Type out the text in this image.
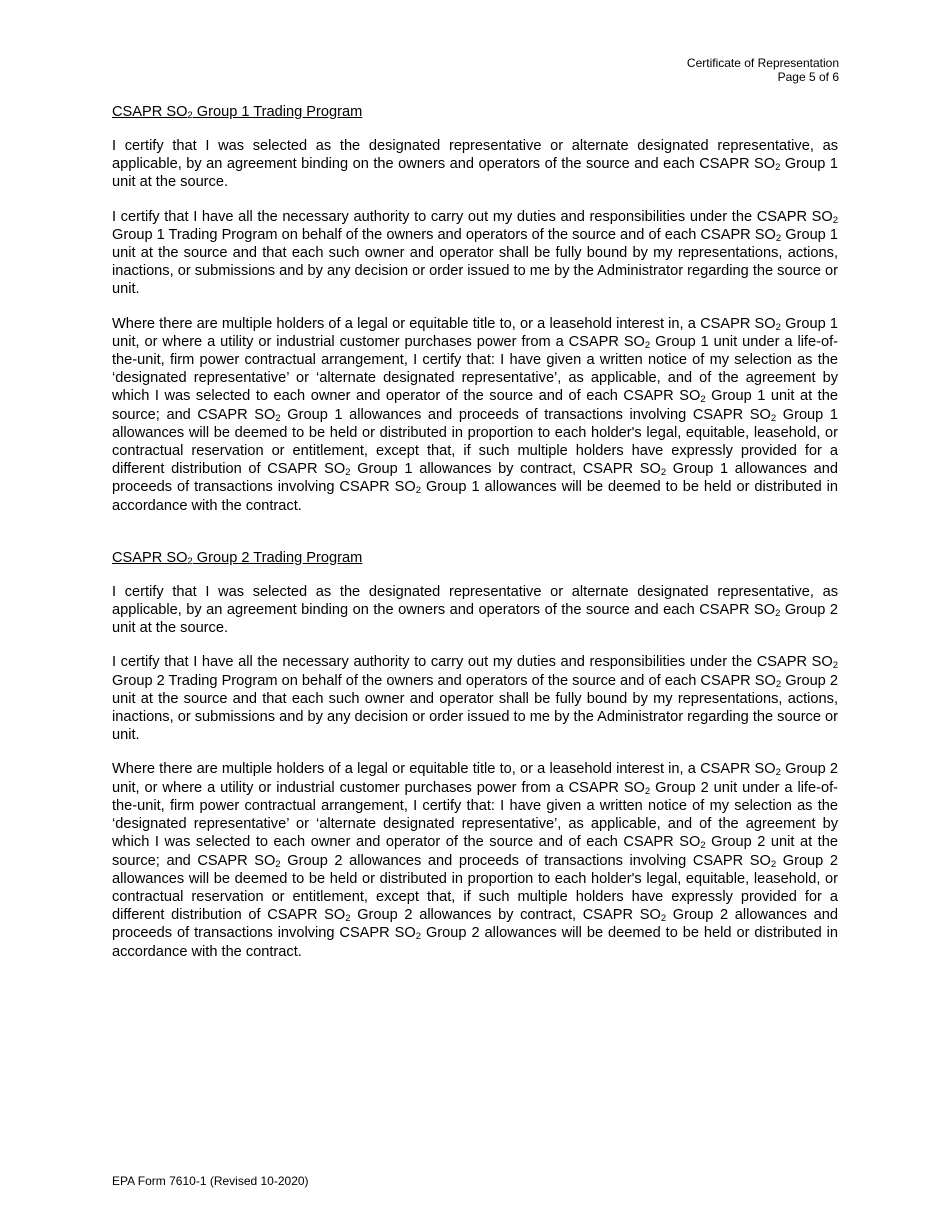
Certificate of Representation
Page 5 of 6
CSAPR $SO_2$ Group 1 Trading Program

I certify that I was selected as the designated representative or alternate designated representative, as applicable, by an agreement binding on the owners and operators of the source and each CSAPR $SO_2$ Group 1 unit at the source.

I certify that I have all the necessary authority to carry out my duties and responsibilities under the CSAPR $SO_2$ Group 1 Trading Program on behalf of the owners and operators of the source and of each CSAPR $SO_2$ Group 1 unit at the source and that each such owner and operator shall be fully bound by my representations, actions, inactions, or submissions and by any decision or order issued to me by the Administrator regarding the source or unit.

Where there are multiple holders of a legal or equitable title to, or a leasehold interest in, a CSAPR $SO_2$ Group 1 unit, or where a utility or industrial customer purchases power from a CSAPR $SO_2$ Group 1 unit under a life-of-the-unit, firm power contractual arrangement, I certify that: I have given a written notice of my selection as the ‘designated representative’ or ‘alternate designated representative’, as applicable, and of the agreement by which I was selected to each owner and operator of the source and of each CSAPR $SO_2$ Group 1 unit at the source; and CSAPR $SO_2$ Group 1 allowances and proceeds of transactions involving CSAPR $SO_2$ Group 1 allowances will be deemed to be held or distributed in proportion to each holder's legal, equitable, leasehold, or contractual reservation or entitlement, except that, if such multiple holders have expressly provided for a different distribution of CSAPR $SO_2$ Group 1 allowances by contract, CSAPR $SO_2$ Group 1 allowances and proceeds of transactions involving CSAPR $SO_2$ Group 1 allowances will be deemed to be held or distributed in accordance with the contract.

CSAPR $SO_2$ Group 2 Trading Program

I certify that I was selected as the designated representative or alternate designated representative, as applicable, by an agreement binding on the owners and operators of the source and each CSAPR $SO_2$ Group 2 unit at the source.

I certify that I have all the necessary authority to carry out my duties and responsibilities under the CSAPR $SO_2$ Group 2 Trading Program on behalf of the owners and operators of the source and of each CSAPR $SO_2$ Group 2 unit at the source and that each such owner and operator shall be fully bound by my representations, actions, inactions, or submissions and by any decision or order issued to me by the Administrator regarding the source or unit.

Where there are multiple holders of a legal or equitable title to, or a leasehold interest in, a CSAPR $SO_2$ Group 2 unit, or where a utility or industrial customer purchases power from a CSAPR $SO_2$ Group 2 unit under a life-of-the-unit, firm power contractual arrangement, I certify that: I have given a written notice of my selection as the ‘designated representative’ or ‘alternate designated representative’, as applicable, and of the agreement by which I was selected to each owner and operator of the source and of each CSAPR $SO_2$ Group 2 unit at the source; and CSAPR $SO_2$ Group 2 allowances and proceeds of transactions involving CSAPR $SO_2$ Group 2 allowances will be deemed to be held or distributed in proportion to each holder's legal, equitable, leasehold, or contractual reservation or entitlement, except that, if such multiple holders have expressly provided for a different distribution of CSAPR $SO_2$ Group 2 allowances by contract, CSAPR $SO_2$ Group 2 allowances and proceeds of transactions involving CSAPR $SO_2$ Group 2 allowances will be deemed to be held or distributed in accordance with the contract.

EPA Form 7610-1 (Revised 10-2020)
